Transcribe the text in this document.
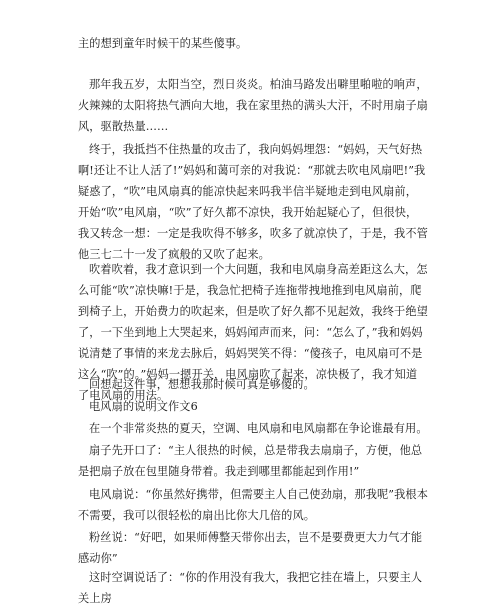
主的想到童年时候干的某些傻事。

那年我五岁，太阳当空，烈日炎炎。柏油马路发出噼里啪啦的响声，火辣辣的太阳将热气洒向大地，我在家里热的满头大汗，不时用扇子扇风，驱散热量……

终于，我抵挡不住热量的攻击了，我向妈妈埋怨：“妈妈，天气好热啊!还让不让人活了!”妈妈和蔼可亲的对我说：“那就去吹电风扇吧!”我疑惑了，“吹”电风扇真的能凉快起来吗我半信半疑地走到电风扇前，开始“吹”电风扇，“吹”了好久都不凉快，我开始起疑心了，但很快，我又转念一想：一定是我吹得不够多，吹多了就凉快了，于是，我不管他三七二十一发了疯般的又吹了起来。

吹着吹着，我才意识到一个大问题，我和电风扇身高差距这么大，怎么可能“吹”凉快嘛!于是，我急忙把椅子连拖带拽地推到电风扇前，爬到椅子上，开始费力的吹起来，但是吹了好久都不见起效，我终于绝望了，一下坐到地上大哭起来，妈妈闻声而来，问：“怎么了，”我和妈妈说清楚了事情的来龙去脉后，妈妈哭笑不得：“傻孩子，电风扇可不是这么“吹”的。”妈妈一摁开关，电风扇吹了起来，凉快极了，我才知道了电风扇的用法。

回想起这件事，想想我那时候可真是够傻的。

电风扇的说明文作文6

在一个非常炎热的夏天，空调、电风扇和电风扇都在争论谁最有用。

扇子先开口了：“主人很热的时候，总是带我去扇扇子，方便，他总是把扇子放在包里随身带着。我走到哪里都能起到作用!”

电风扇说：“你虽然好携带，但需要主人自己使劲扇，那我呢”我根本不需要，我可以很轻松的扇出比你大几倍的风。

粉丝说：“好吧，如果师傅整天带你出去，岂不是要费更大力气才能感动你”

这时空调说话了：“你的作用没有我大，我把它挂在墙上，只要主人关上房
